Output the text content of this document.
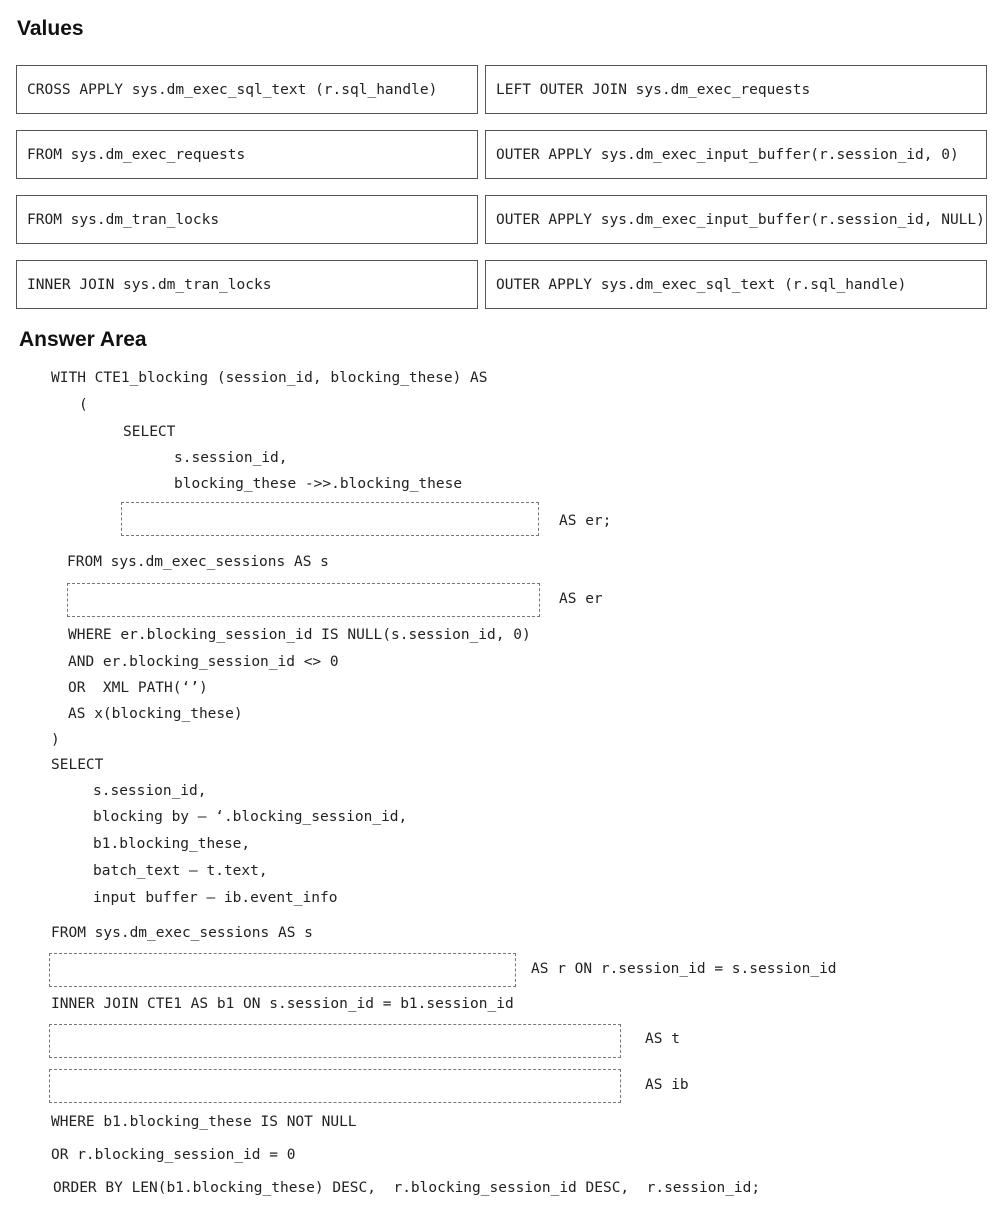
Values
Answer Area
CROSS APPLY sys.dm_exec_sql_text (r.sql_handle)	LEFT OUTER JOIN sys.dm_exec_requests
FROM sys.dm_exec_requests	OUTER APPLY sys.dm_exec_input_buffer(r.session_id, 0)
FROM sys.dm_tran_locks	OUTER APPLY sys.dm_exec_input_buffer(r.session_id, NULL)
INNER JOIN sys.dm_tran_locks	OUTER APPLY sys.dm_exec_sql_text (r.sql_handle)
WITH CTE1_blocking (session_id, blocking_these) AS
(
SELECT
s.session_id,
blocking_these ->>.blocking_these
AS er;
FROM sys.dm_exec_sessions AS s
AS er
WHERE er.blocking_session_id IS NULL(s.session_id, 0)
AND er.blocking_session_id <> 0
OR  XML PATH(‘’)
AS x(blocking_these)
)
SELECT
s.session_id,
blocking by – ‘.blocking_session_id,
b1.blocking_these,
batch_text – t.text,
input buffer – ib.event_info
FROM sys.dm_exec_sessions AS s
AS r ON r.session_id = s.session_id
INNER JOIN CTE1 AS b1 ON s.session_id = b1.session_id
AS t
AS ib
WHERE b1.blocking_these IS NOT NULL
OR r.blocking_session_id = 0
ORDER BY LEN(b1.blocking_these) DESC,  r.blocking_session_id DESC,  r.session_id;
